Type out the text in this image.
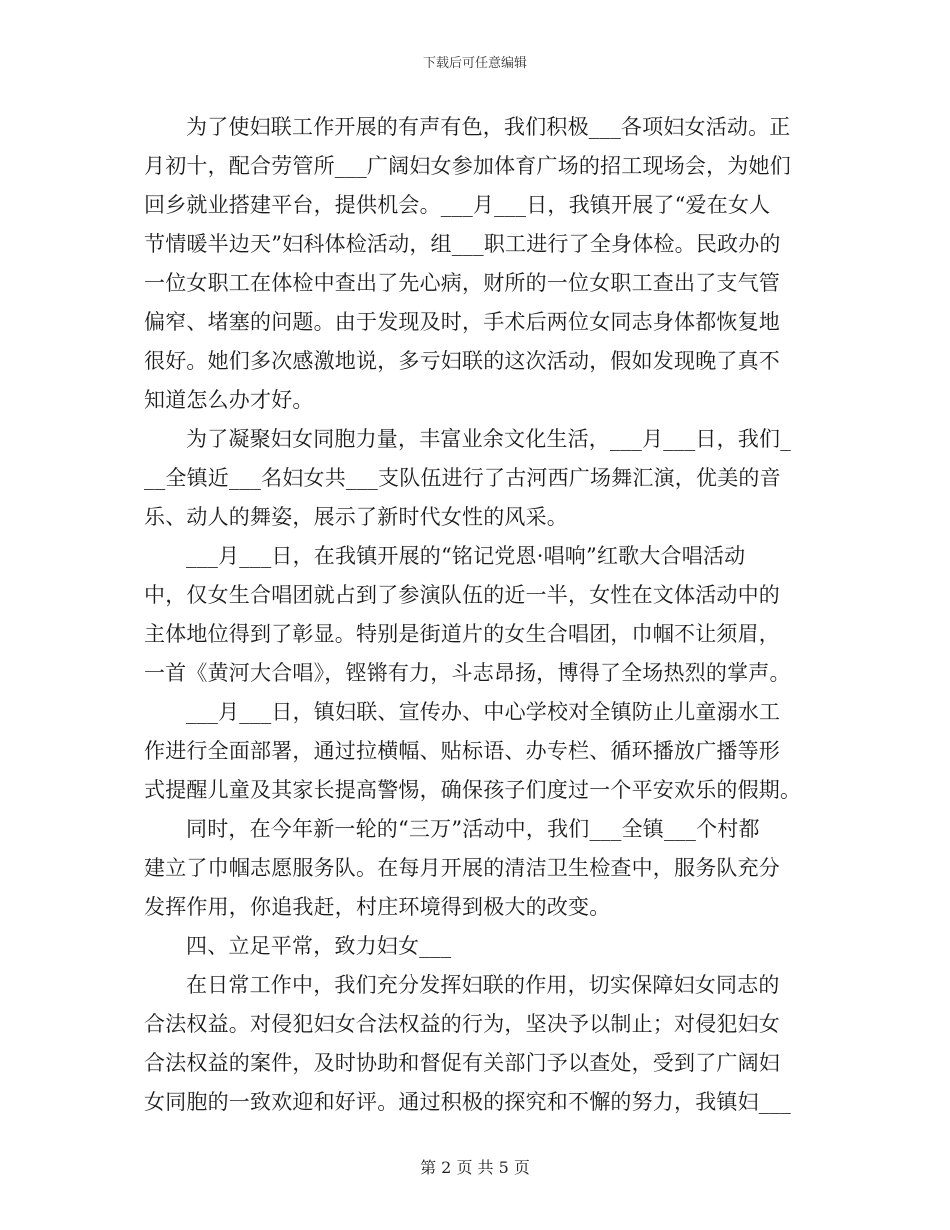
下载后可任意编辑
为了使妇联工作开展的有声有色，我们积极___各项妇女活动。正
月初十，配合劳管所___广阔妇女参加体育广场的招工现场会，为她们
回乡就业搭建平台，提供机会。___月___日，我镇开展了“爱在女人
节情暖半边天”妇科体检活动，组___职工进行了全身体检。民政办的
一位女职工在体检中查出了先心病，财所的一位女职工查出了支气管
偏窄、堵塞的问题。由于发现及时，手术后两位女同志身体都恢复地
很好。她们多次感激地说，多亏妇联的这次活动，假如发现晚了真不
知道怎么办才好。
为了凝聚妇女同胞力量，丰富业余文化生活，___月___日，我们_
__全镇近___名妇女共___支队伍进行了古河西广场舞汇演，优美的音
乐、动人的舞姿，展示了新时代女性的风采。
___月___日，在我镇开展的“铭记党恩·唱响”红歌大合唱活动
中，仅女生合唱团就占到了参演队伍的近一半，女性在文体活动中的
主体地位得到了彰显。特别是街道片的女生合唱团，巾帼不让须眉，
一首《黄河大合唱》，铿锵有力，斗志昂扬，博得了全场热烈的掌声。
___月___日，镇妇联、宣传办、中心学校对全镇防止儿童溺水工
作进行全面部署，通过拉横幅、贴标语、办专栏、循环播放广播等形
式提醒儿童及其家长提高警惕，确保孩子们度过一个平安欢乐的假期。
同时，在今年新一轮的“三万”活动中，我们___全镇___个村都
建立了巾帼志愿服务队。在每月开展的清洁卫生检查中，服务队充分
发挥作用，你追我赶，村庄环境得到极大的改变。
四、立足平常，致力妇女___
在日常工作中，我们充分发挥妇联的作用，切实保障妇女同志的
合法权益。对侵犯妇女合法权益的行为，坚决予以制止；对侵犯妇女
合法权益的案件，及时协助和督促有关部门予以查处，受到了广阔妇
女同胞的一致欢迎和好评。通过积极的探究和不懈的努力，我镇妇___
第 2 页 共 5 页
